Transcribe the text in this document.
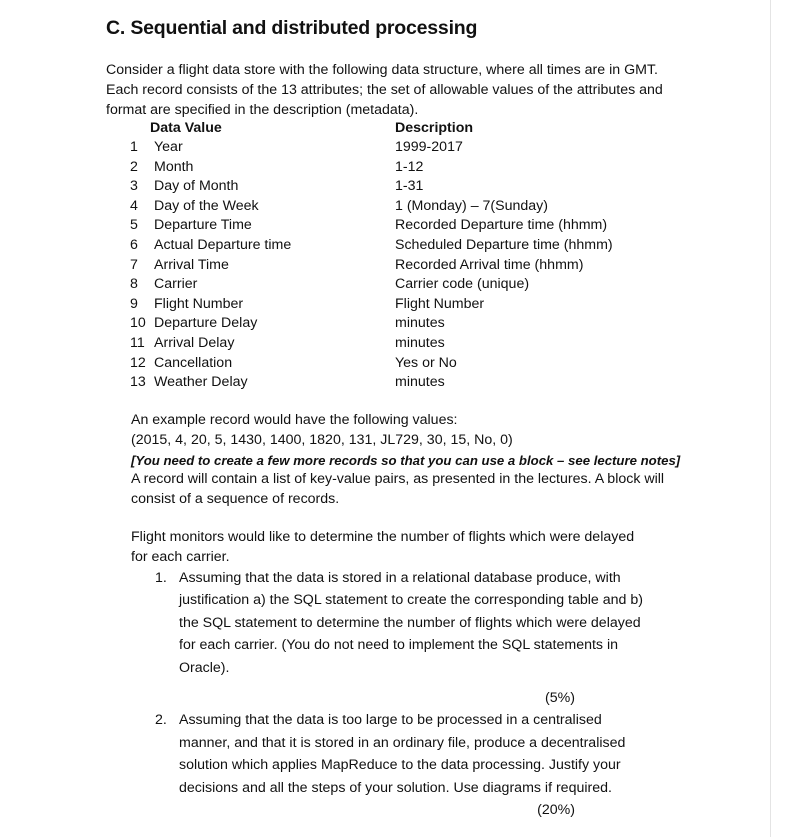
C. Sequential and distributed processing

Consider a flight data store with the following data structure, where all times are in GMT. Each record consists of the 13 attributes; the set of allowable values of the attributes and format are specified in the description (metadata).

Data Value	Description
1 Year	1999-2017
2 Month	1-12
3 Day of Month	1-31
4 Day of the Week	1 (Monday) – 7(Sunday)
5 Departure Time	Recorded Departure time (hhmm)
6 Actual Departure time	Scheduled Departure time (hhmm)
7 Arrival Time	Recorded Arrival time (hhmm)
8 Carrier	Carrier code (unique)
9 Flight Number	Flight Number
10 Departure Delay	minutes
11 Arrival Delay	minutes
12 Cancellation	Yes or No
13 Weather Delay	minutes

An example record would have the following values:

(2015, 4, 20, 5, 1430, 1400, 1820, 131, JL729, 30, 15, No, 0)

[You need to create a few more records so that you can use a block – see lecture notes]

A record will contain a list of key-value pairs, as presented in the lectures. A block will consist of a sequence of records.

Flight monitors would like to determine the number of flights which were delayed for each carrier.
1. Assuming that the data is stored in a relational database produce, with justification a) the SQL statement to create the corresponding table and b) the SQL statement to determine the number of flights which were delayed for each carrier. (You do not need to implement the SQL statements in Oracle).
(5%)
2. Assuming that the data is too large to be processed in a centralised manner, and that it is stored in an ordinary file, produce a decentralised solution which applies MapReduce to the data processing. Justify your decisions and all the steps of your solution. Use diagrams if required.
(20%)
